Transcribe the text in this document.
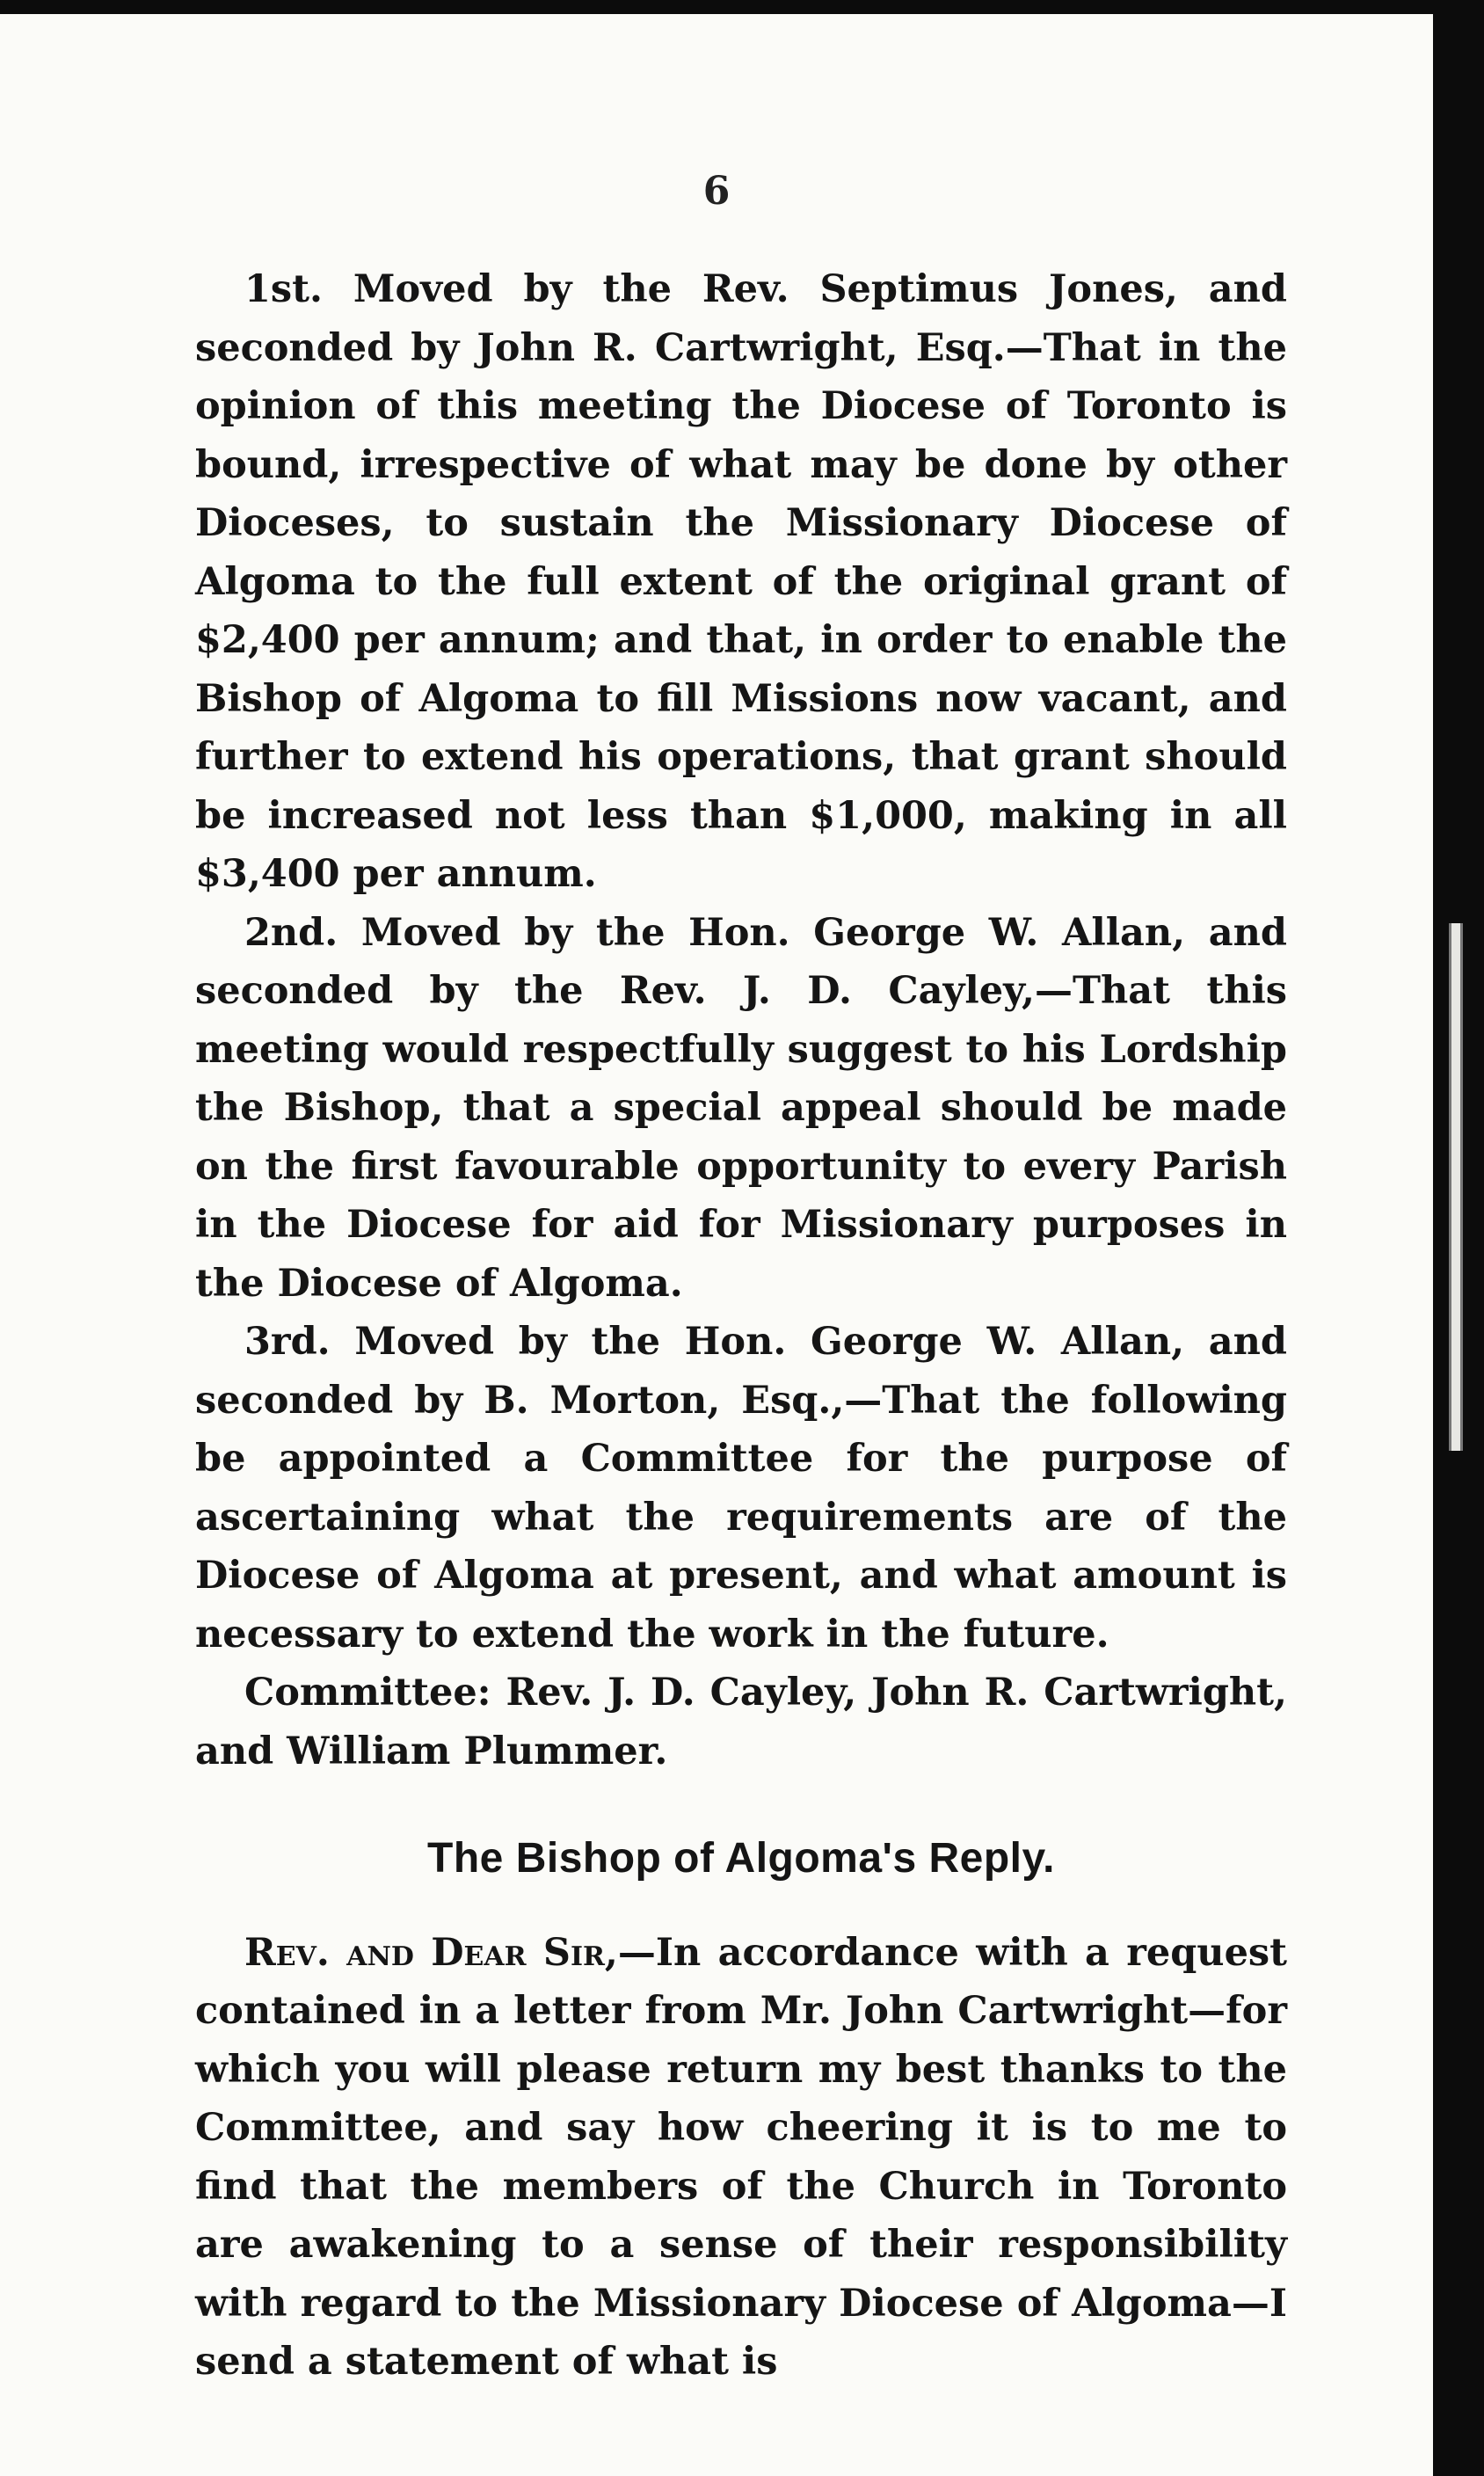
6

1st. Moved by the Rev. Septimus Jones, and seconded by John R. Cartwright, Esq.—That in the opinion of this meeting the Diocese of Toronto is bound, irrespective of what may be done by other Dioceses, to sustain the Missionary Diocese of Algoma to the full extent of the original grant of $2,400 per annum; and that, in order to enable the Bishop of Algoma to fill Missions now vacant, and further to extend his operations, that grant should be increased not less than $1,000, making in all $3,400 per annum.

2nd. Moved by the Hon. George W. Allan, and seconded by the Rev. J. D. Cayley,—That this meeting would respectfully suggest to his Lordship the Bishop, that a special appeal should be made on the first favourable opportunity to every Parish in the Diocese for aid for Missionary purposes in the Diocese of Algoma.

3rd. Moved by the Hon. George W. Allan, and seconded by B. Morton, Esq.,—That the following be appointed a Committee for the purpose of ascertaining what the requirements are of the Diocese of Algoma at present, and what amount is necessary to extend the work in the future.

Committee: Rev. J. D. Cayley, John R. Cartwright, and William Plummer.

The Bishop of Algoma's Reply.

Rev. and Dear Sir,—In accordance with a request contained in a letter from Mr. John Cartwright—for which you will please return my best thanks to the Committee, and say how cheering it is to me to find that the members of the Church in Toronto are awakening to a sense of their responsibility with regard to the Missionary Diocese of Algoma—I send a statement of what is
